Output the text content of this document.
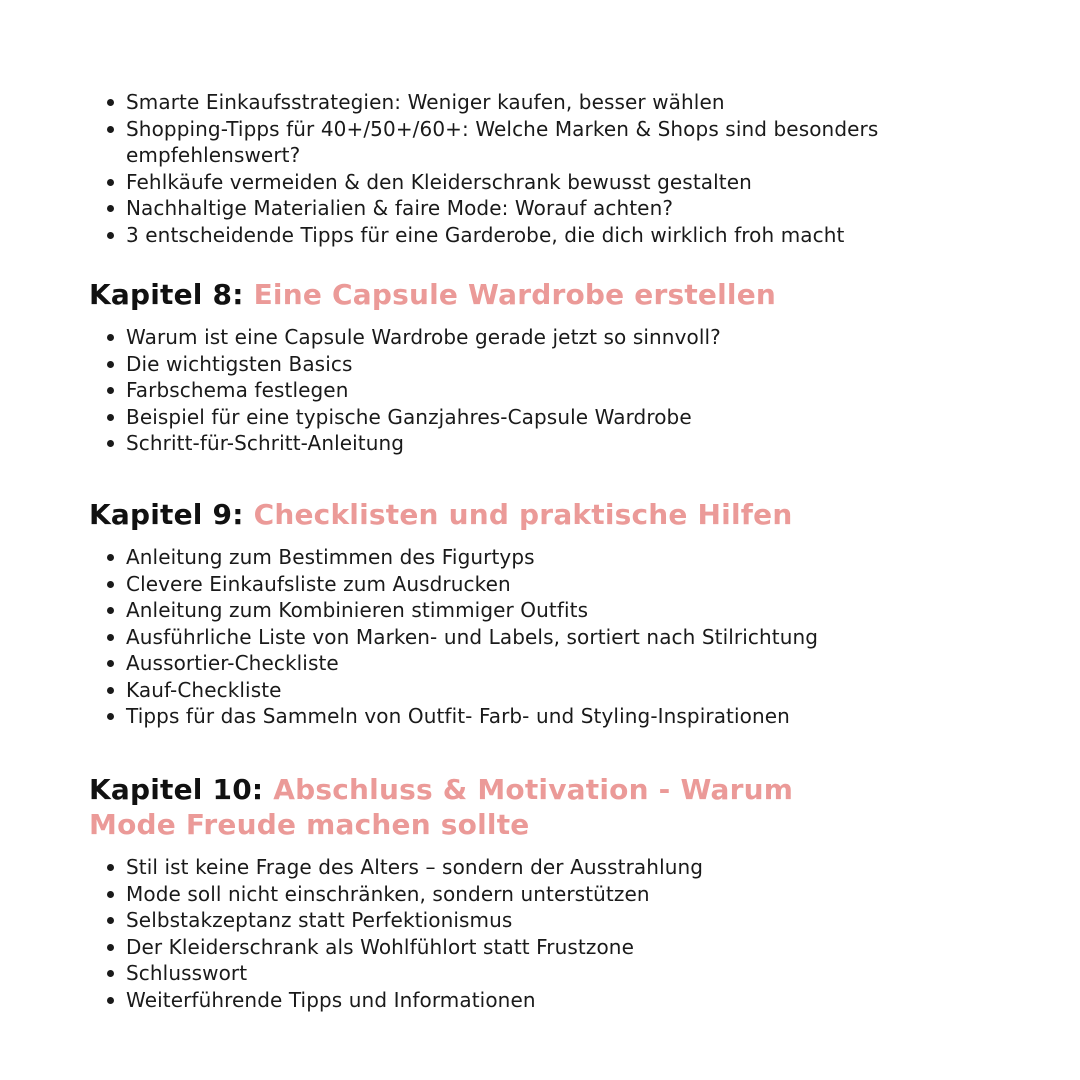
Smarte Einkaufsstrategien: Weniger kaufen, besser wählen
Shopping-Tipps für 40+/50+/60+: Welche Marken & Shops sind besonders empfehlenswert?
Fehlkäufe vermeiden & den Kleiderschrank bewusst gestalten
Nachhaltige Materialien & faire Mode: Worauf achten?
3 entscheidende Tipps für eine Garderobe, die dich wirklich froh macht
Kapitel 8: Eine Capsule Wardrobe erstellen
Warum ist eine Capsule Wardrobe gerade jetzt so sinnvoll?
Die wichtigsten Basics
Farbschema festlegen
Beispiel für eine typische Ganzjahres-Capsule Wardrobe
Schritt-für-Schritt-Anleitung
Kapitel 9: Checklisten und praktische Hilfen
Anleitung zum Bestimmen des Figurtyps
Clevere Einkaufsliste zum Ausdrucken
Anleitung zum Kombinieren stimmiger Outfits
Ausführliche Liste von Marken- und Labels, sortiert nach Stilrichtung
Aussortier-Checkliste
Kauf-Checkliste
Tipps für das Sammeln von Outfit- Farb- und Styling-Inspirationen
Kapitel 10: Abschluss & Motivation - Warum Mode Freude machen sollte
Stil ist keine Frage des Alters – sondern der Ausstrahlung
Mode soll nicht einschränken, sondern unterstützen
Selbstakzeptanz statt Perfektionismus
Der Kleiderschrank als Wohlfühlort statt Frustzone
Schlusswort
Weiterführende Tipps und Informationen
